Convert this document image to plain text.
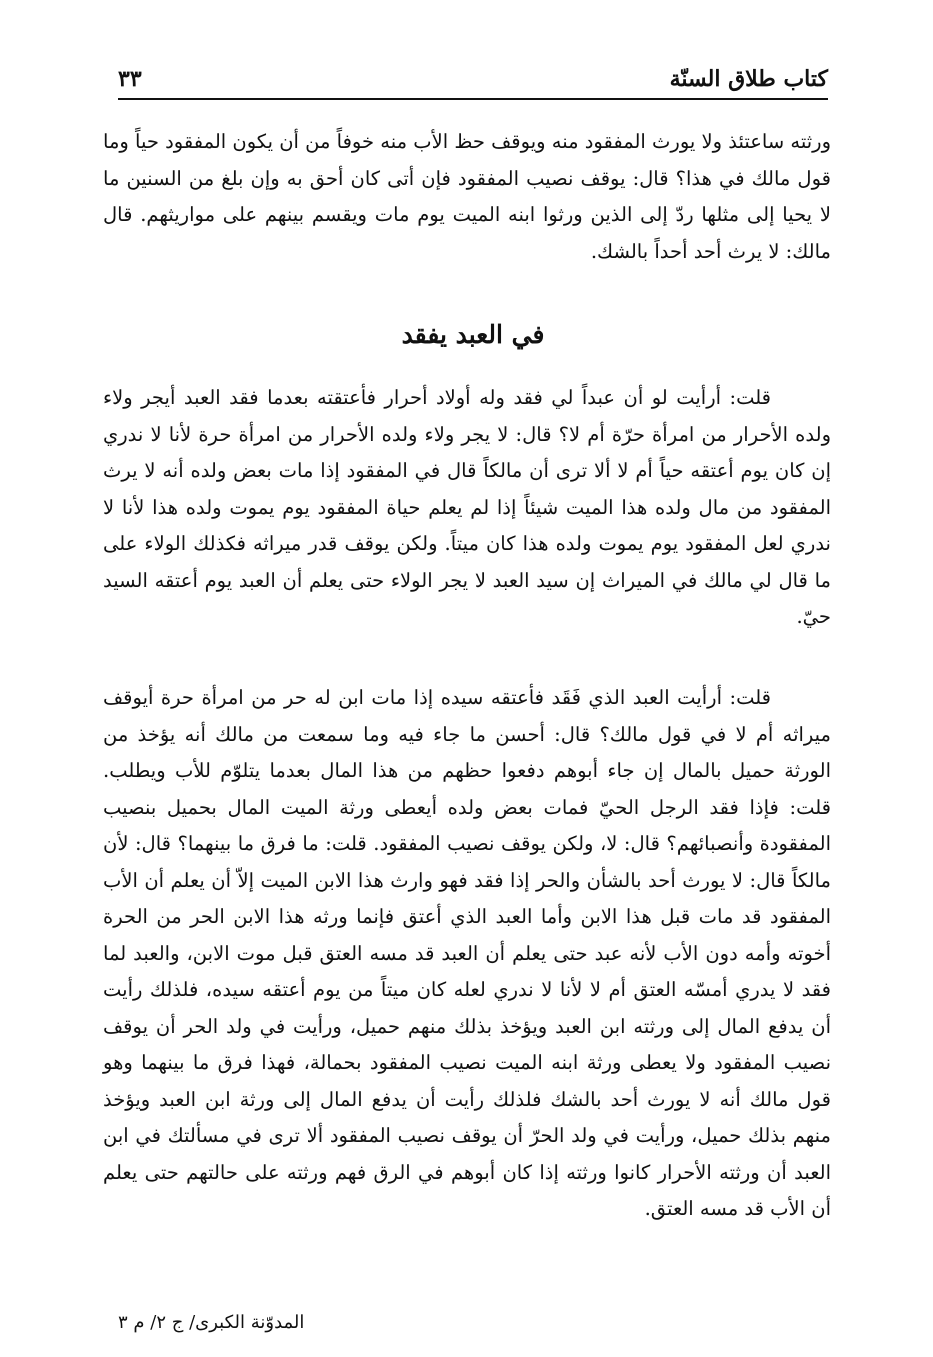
كتاب طلاق السنّة
٣٣
ورثته ساعتئذ ولا يورث المفقود منه ويوقف حظ الأب منه خوفاً من أن يكون المفقود حياً وما قول مالك في هذا؟ قال: يوقف نصيب المفقود فإن أتى كان أحق به وإن بلغ من السنين ما لا يحيا إلى مثلها ردّ إلى الذين ورثوا ابنه الميت يوم مات ويقسم بينهم على مواريثهم. قال مالك: لا يرث أحد أحداً بالشك.
في العبد يفقد

قلت: أرأيت لو أن عبداً لي فقد وله أولاد أحرار فأعتقته بعدما فقد العبد أيجر ولاء ولده الأحرار من امرأة حرّة أم لا؟ قال: لا يجر ولاء ولده الأحرار من امرأة حرة لأنا لا ندري إن كان يوم أعتقه حياً أم لا ألا ترى أن مالكاً قال في المفقود إذا مات بعض ولده أنه لا يرث المفقود من مال ولده هذا الميت شيئاً إذا لم يعلم حياة المفقود يوم يموت ولده هذا لأنا لا ندري لعل المفقود يوم يموت ولده هذا كان ميتاً. ولكن يوقف قدر ميراثه فكذلك الولاء على ما قال لي مالك في الميراث إن سيد العبد لا يجر الولاء حتى يعلم أن العبد يوم أعتقه السيد حيّ.

قلت: أرأيت العبد الذي فَقَد فأعتقه سيده إذا مات ابن له حر من امرأة حرة أيوقف ميراثه أم لا في قول مالك؟ قال: أحسن ما جاء فيه وما سمعت من مالك أنه يؤخذ من الورثة حميل بالمال إن جاء أبوهم دفعوا حظهم من هذا المال بعدما يتلوّم للأب ويطلب. قلت: فإذا فقد الرجل الحيّ فمات بعض ولده أيعطى ورثة الميت المال بحميل بنصيب المفقودة وأنصبائهم؟ قال: لا، ولكن يوقف نصيب المفقود. قلت: ما فرق ما بينهما؟ قال: لأن مالكاً قال: لا يورث أحد بالشأن والحر إذا فقد فهو وارث هذا الابن الميت إلاّ أن يعلم أن الأب المفقود قد مات قبل هذا الابن وأما العبد الذي أعتق فإنما ورثه هذا الابن الحر من الحرة أخوته وأمه دون الأب لأنه عبد حتى يعلم أن العبد قد مسه العتق قبل موت الابن، والعبد لما فقد لا يدري أمسّه العتق أم لا لأنا لا ندري لعله كان ميتاً من يوم أعتقه سيده، فلذلك رأيت أن يدفع المال إلى ورثته ابن العبد ويؤخذ بذلك منهم حميل، ورأيت في ولد الحر أن يوقف نصيب المفقود ولا يعطى ورثة ابنه الميت نصيب المفقود بحمالة، فهذا فرق ما بينهما وهو قول مالك أنه لا يورث أحد بالشك فلذلك رأيت أن يدفع المال إلى ورثة ابن العبد ويؤخذ منهم بذلك حميل، ورأيت في ولد الحرّ أن يوقف نصيب المفقود ألا ترى في مسألتك في ابن العبد أن ورثته الأحرار كانوا ورثته إذا كان أبوهم في الرق فهم ورثته على حالتهم حتى يعلم أن الأب قد مسه العتق.

المدوّنة الكبرى/ ج ٢/ م ٣
